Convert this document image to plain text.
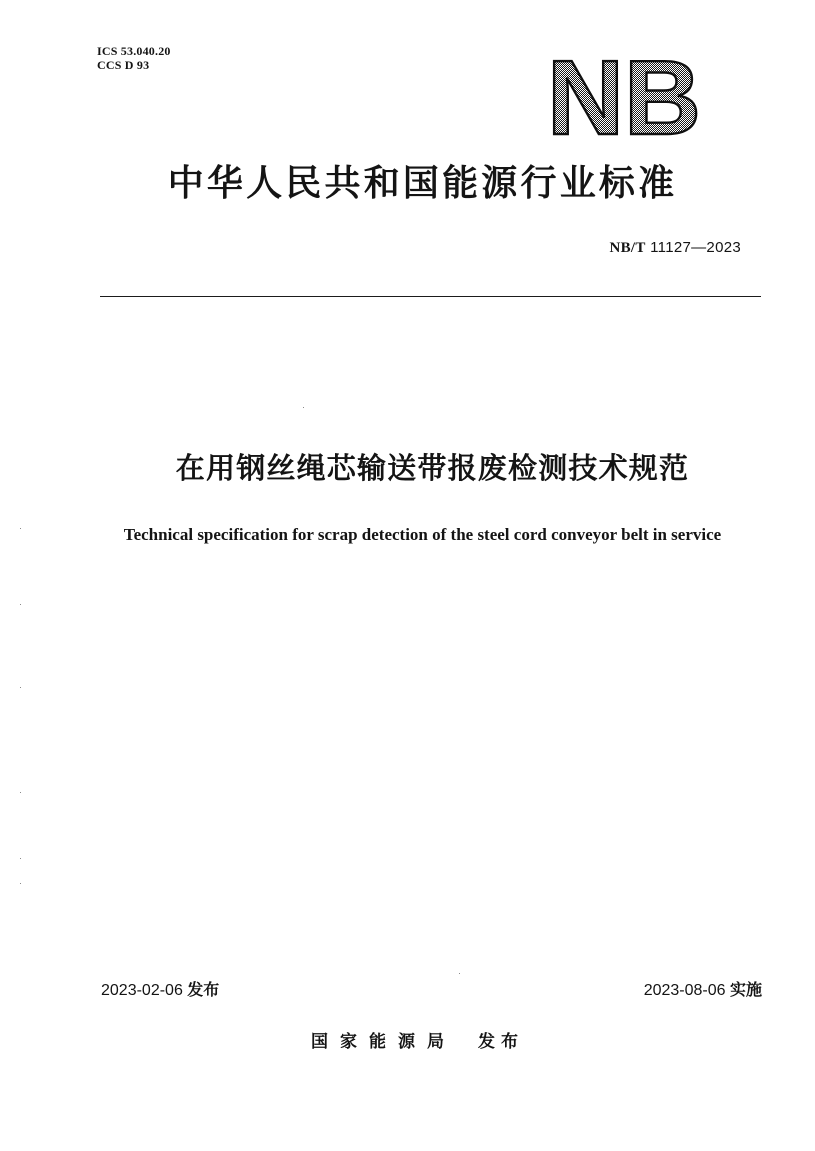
ICS 53.040.20
CCS D 93	NB
中华人民共和国能源行业标准
NB/T 11127—2023
在用钢丝绳芯输送带报废检测技术规范
Technical specification for scrap detection of the steel cord conveyor belt in service
2023-02-06 发布	2023-08-06 实施
国家能源局 发布
